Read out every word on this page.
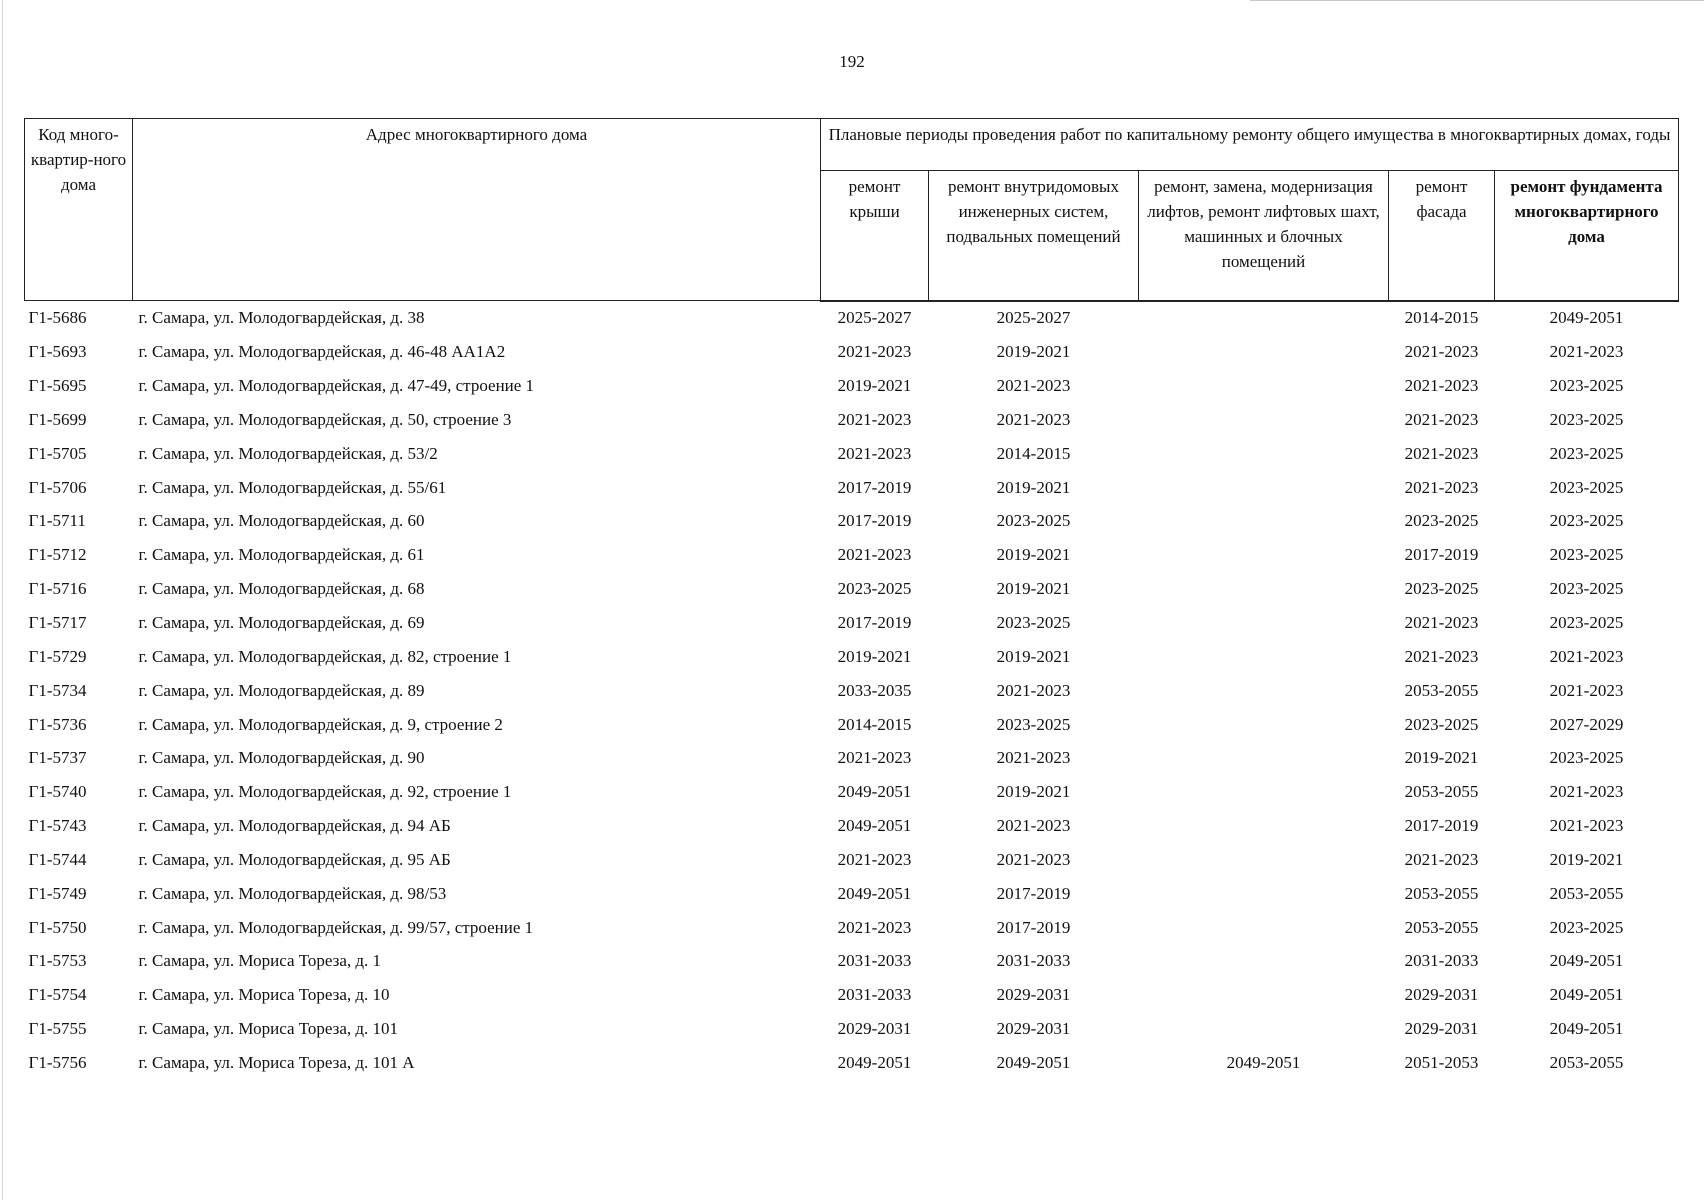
192
Код много-квартир-ного дома	Адрес многоквартирного дома	Плановые периоды проведения работ по капитальному ремонту общего имущества в многоквартирных домах, годы				
		ремонт крыши	ремонт внутридомовых инженерных систем, подвальных помещений	ремонт, замена, модернизация лифтов, ремонт лифтовых шахт, машинных и блочных помещений	ремонт фасада	ремонт фундамента многоквартирного дома
Г1-5686	г. Самара, ул. Молодогвардейская, д. 38	2025-2027	2025-2027		2014-2015	2049-2051
Г1-5693	г. Самара, ул. Молодогвардейская, д. 46-48 АА1А2	2021-2023	2019-2021		2021-2023	2021-2023
Г1-5695	г. Самара, ул. Молодогвардейская, д. 47-49, строение 1	2019-2021	2021-2023		2021-2023	2023-2025
Г1-5699	г. Самара, ул. Молодогвардейская, д. 50, строение 3	2021-2023	2021-2023		2021-2023	2023-2025
Г1-5705	г. Самара, ул. Молодогвардейская, д. 53/2	2021-2023	2014-2015		2021-2023	2023-2025
Г1-5706	г. Самара, ул. Молодогвардейская, д. 55/61	2017-2019	2019-2021		2021-2023	2023-2025
Г1-5711	г. Самара, ул. Молодогвардейская, д. 60	2017-2019	2023-2025		2023-2025	2023-2025
Г1-5712	г. Самара, ул. Молодогвардейская, д. 61	2021-2023	2019-2021		2017-2019	2023-2025
Г1-5716	г. Самара, ул. Молодогвардейская, д. 68	2023-2025	2019-2021		2023-2025	2023-2025
Г1-5717	г. Самара, ул. Молодогвардейская, д. 69	2017-2019	2023-2025		2021-2023	2023-2025
Г1-5729	г. Самара, ул. Молодогвардейская, д. 82, строение 1	2019-2021	2019-2021		2021-2023	2021-2023
Г1-5734	г. Самара, ул. Молодогвардейская, д. 89	2033-2035	2021-2023		2053-2055	2021-2023
Г1-5736	г. Самара, ул. Молодогвардейская, д. 9, строение 2	2014-2015	2023-2025		2023-2025	2027-2029
Г1-5737	г. Самара, ул. Молодогвардейская, д. 90	2021-2023	2021-2023		2019-2021	2023-2025
Г1-5740	г. Самара, ул. Молодогвардейская, д. 92, строение 1	2049-2051	2019-2021		2053-2055	2021-2023
Г1-5743	г. Самара, ул. Молодогвардейская, д. 94 АБ	2049-2051	2021-2023		2017-2019	2021-2023
Г1-5744	г. Самара, ул. Молодогвардейская, д. 95 АБ	2021-2023	2021-2023		2021-2023	2019-2021
Г1-5749	г. Самара, ул. Молодогвардейская, д. 98/53	2049-2051	2017-2019		2053-2055	2053-2055
Г1-5750	г. Самара, ул. Молодогвардейская, д. 99/57, строение 1	2021-2023	2017-2019		2053-2055	2023-2025
Г1-5753	г. Самара, ул. Мориса Тореза, д. 1	2031-2033	2031-2033		2031-2033	2049-2051
Г1-5754	г. Самара, ул. Мориса Тореза, д. 10	2031-2033	2029-2031		2029-2031	2049-2051
Г1-5755	г. Самара, ул. Мориса Тореза, д. 101	2029-2031	2029-2031		2029-2031	2049-2051
Г1-5756	г. Самара, ул. Мориса Тореза, д. 101 А	2049-2051	2049-2051	2049-2051	2051-2053	2053-2055
